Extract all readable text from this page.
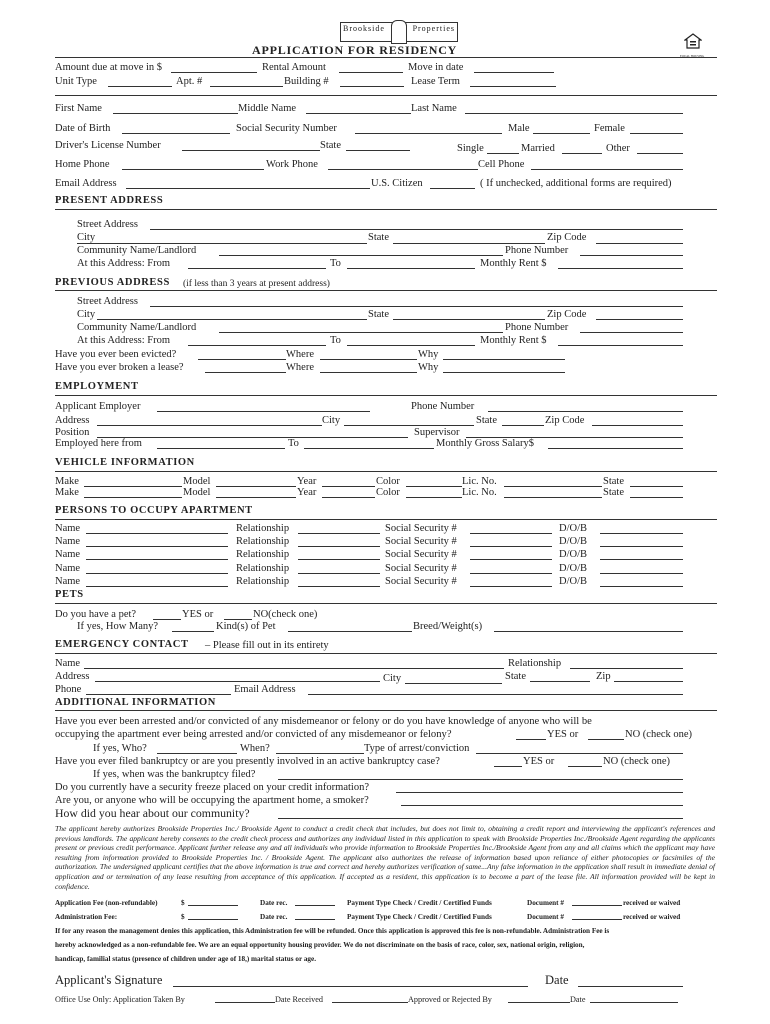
Brookside	Properties
EQUAL HOUSING
APPLICATION FOR RESIDENCY
Amount due at move in $	Rental Amount	Move in date
Unit Type	Apt. #	Building #	Lease Term
First Name	Middle Name	Last Name
Date of Birth	Social Security Number	Male	Female
Driver's License Number	State	Single	Married	Other
Home Phone	Work Phone	Cell Phone
Email Address	U.S. Citizen	( If unchecked, additional forms are required)
PRESENT ADDRESS
Street Address
City	State	Zip Code
Community Name/Landlord	Phone Number
At this Address: From	To	Monthly Rent $
PREVIOUS ADDRESS (if less than 3 years at present address)
Street Address
City	State	Zip Code
Community Name/Landlord	Phone Number
At this Address: From	To	Monthly Rent $
Have you ever been evicted?	Where	Why
Have you ever broken a lease?	Where	Why
EMPLOYMENT
Applicant Employer	Phone Number
Address	City	State	Zip Code
Position	Supervisor
Employed here from	To	Monthly Gross Salary$
VEHICLE INFORMATION
Make	Model	Year	Color	Lic. No.	State
Make	Model	Year	Color	Lic. No.	State
PERSONS TO OCCUPY APARTMENT
Name	Relationship	Social Security #	D/O/B
Name	Relationship	Social Security #	D/O/B
Name	Relationship	Social Security #	D/O/B
Name	Relationship	Social Security #	D/O/B
Name	Relationship	Social Security #	D/O/B
PETS
Do you have a pet?	YES or	NO(check one)
If yes, How Many?	Kind(s) of Pet	Breed/Weight(s)
EMERGENCY CONTACT – Please fill out in its entirety
Name	Relationship
Address	City	State	Zip
Phone	Email Address
ADDITIONAL INFORMATION
Have you ever been arrested and/or convicted of any misdemeanor or felony or do you have knowledge of anyone who will be
occupying the apartment ever being arrested and/or convicted of any misdemeanor or felony?	YES or	NO (check one)
If yes, Who?	When?	Type of arrest/conviction
Have you ever filed bankruptcy or are you presently involved in an active bankruptcy case?	YES or	NO (check one)
If yes, when was the bankruptcy filed?
Do you currently have a security freeze placed on your credit information?
Are you, or anyone who will be occupying the apartment home, a smoker?
How did you hear about our community?
The applicant hereby authorizes Brookside Properties Inc./ Brookside Agent to conduct a credit check that includes, but does not limit to, obtaining a credit report and interviewing the applicant's references and previous landlords. The applicant hereby consents to the credit check process and authorizes any individual listed in this application to speak with Brookside Properties Inc./Brookside Agent regarding the applicants present or previous credit performance. Applicant further release any and all individuals who provide information to Brookside Properties Inc./Brookside Agent from any and all claims which the applicant may have resulting from information provided to Brookside Properties Inc. / Brookside Agent. The applicant also authorizes the release of information based upon reliance of either photocopies or facsimiles of the authorization. The undersigned applicant certifies that the above information is true and correct and hereby authorizes verification of same...Any false information in the application shall result in immediate denial of application and or termination of any lease resulting from acceptance of this application. If accepted as a resident, this application is to become a part of the lease file. All information provided will be kept in confidence.
Application Fee (non-refundable)	$	Date rec.	Payment Type Check / Credit / Certified Funds	Document #	received or waived
Administration Fee:	$	Date rec.	Payment Type Check / Credit / Certified Funds	Document #	received or waived
If for any reason the management denies this application, this Administration fee will be refunded. Once this application is approved this fee is non-refundable. Administration Fee is
hereby acknowledged as a non-refundable fee. We are an equal opportunity housing provider. We do not discriminate on the basis of race, color, sex, national origin, religion,
handicap, familial status (presence of children under age of 18,) marital status or age.
Applicant's Signature	Date
Office Use Only: Application Taken By	Date Received	Approved or Rejected By	Date
